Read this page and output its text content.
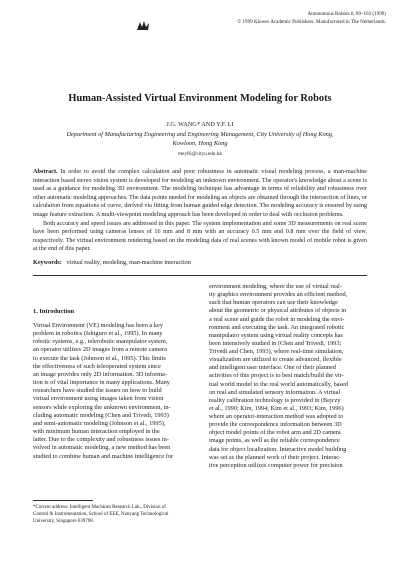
Autonomous Robots 6, 89–103 (1999)
© 1999 Kluwer Academic Publishers. Manufactured in The Netherlands.
Human-Assisted Virtual Environment Modeling for Robots
J.G. WANG* AND Y.F. LI
Department of Manufacturing Engineering and Engineering Management, City University of Hong Kong,
Kowloon, Hong Kong
meyfli@cityu.edu.hk

Abstract. In order to avoid the complex calculation and poor robustness in automatic visual modeling process, a man-machine interaction based stereo vision system is developed for modeling an unknown environment. The operator's knowledge about a scene is used as a guidance for modeling 3D environment. The modeling technique has advantage in terms of reliability and robustness over other automatic modeling approaches. The data points needed for modeling an objects are obtained through the intersection of lines, or calculation from equations of curve, derived via fitting from human guided edge detection. The modeling accuracy is ensured by using image feature extraction. A multi-viewpoint modeling approach has been developed in order to deal with occlusion problems.

Both accuracy and speed issues are addressed in this paper. The system implementation and some 3D measurements on real scene have been performed using cameras lenses of 16 mm and 8 mm with an accuracy 0.5 mm and 0.8 mm over the field of view, respectively. The virtual environment rendering based on the modeling data of real scenes with known model of mobile robot is given at the end of this paper.

Keywords: virtual reality, modeling, man-machine interaction
1. Introduction
Virtual Environment (VE) modeling has been a key
problem in robotics (Ishiguro et al., 1995). In many
robotic systems, e.g., telerobotic manipulator system,
an operator utilizes 2D images from a remote camera
to execute the task (Johnson et al., 1995). This limits
the effectiveness of such teleoperated system since
an image provides only 2D information. 3D informa-
tion is of vital importance in many applications. Many
researchers have studied the issues on how to build
virtual environment using images taken from vision
sensors while exploring the unknown environment, in-
cluding automatic modeling (Chen and Trivedi, 1993)
and semi-automatic modeling (Johnson et al., 1995),
with minimum human interaction employed in the
latter. Due to the complexity and robustness issues in-
volved in automatic modeling, a new method has been
studied to combine human and machine intelligence for
environment modeling, where the use of virtual real-
ity graphics environment provides an efficient method,
such that human operators can use their knowledge
about the geometric or physical attributes of objects in
a real scene and guide the robot in modeling the envi-
ronment and executing the task. An integrated robotic
manipulator system using virtual reality concepts has
been intensively studied in (Chen and Trivedi, 1993;
Trivedi and Chen, 1993), where real-time simulation,
visualization are utilized to create advanced, flexible
and intelligent user interface. One of their planned
activities of this project is to best match/build the vir-
tual world model to the real world automatically, based
on real and simulated sensory information. A virtual
reality calibration technology is provided in (Bejczy
et al., 1990; Kim, 1994; Kim et al., 1993; Kim, 1996)
where an operator-interaction method was adopted to
provide the correspondence information between 3D
object model points of the robot arm and 2D camera
image points, as well as the reliable correspondence
data for object localization. Interactive model building
was set as the planned work of their project. Interac-
tive perception utilizes computer power for precision
*Current address: Intelligent Machines Research Lab., Division of
Control & Instrumentation, School of EEE, Nanyang Technological
University, Singapore 639798.
